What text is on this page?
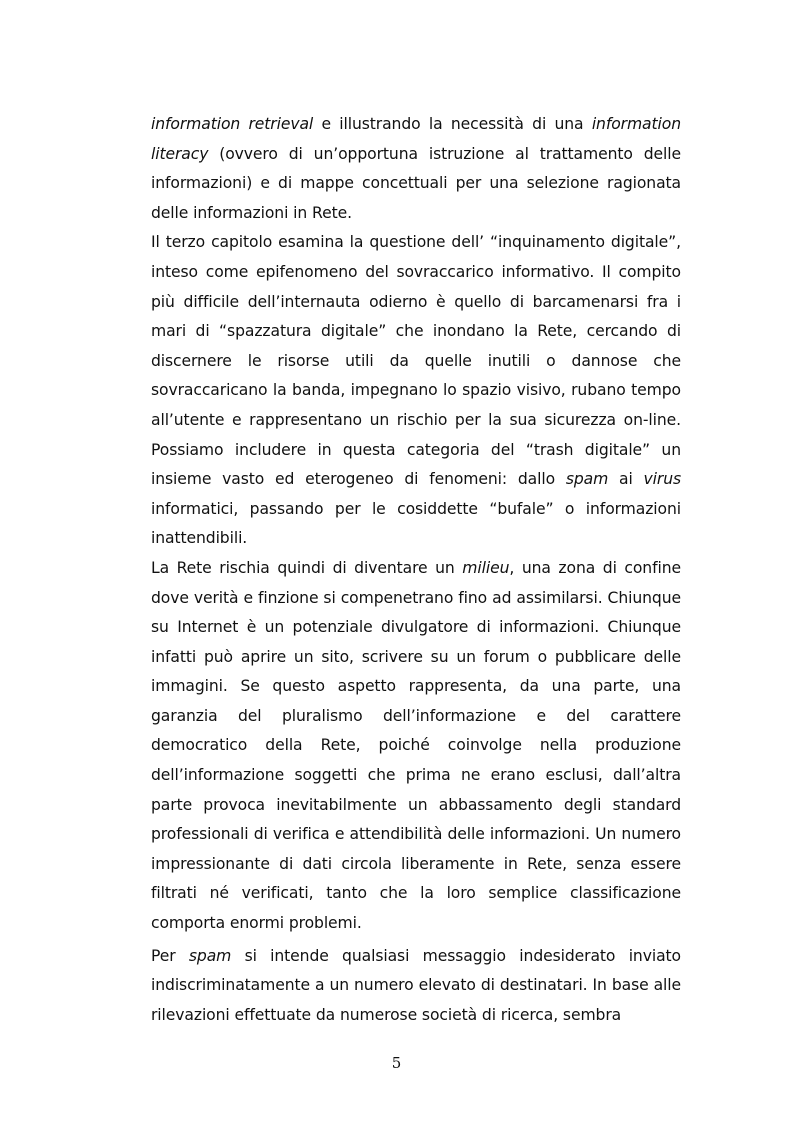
information retrieval e illustrando la necessità di una information literacy (ovvero di un’opportuna istruzione al trattamento delle informazioni) e di mappe concettuali per una selezione ragionata delle informazioni in Rete.

Il terzo capitolo esamina la questione dell’ “inquinamento digitale”, inteso come epifenomeno del sovraccarico informativo. Il compito più difficile dell’internauta odierno è quello di barcamenarsi fra i mari di “spazzatura digitale” che inondano la Rete, cercando di discernere le risorse utili da quelle inutili o dannose che sovraccaricano la banda, impegnano lo spazio visivo, rubano tempo all’utente e rappresentano un rischio per la sua sicurezza on-line. Possiamo includere in questa categoria del “trash digitale” un insieme vasto ed eterogeneo di fenomeni: dallo spam ai virus informatici, passando per le cosiddette “bufale” o informazioni inattendibili.

La Rete rischia quindi di diventare un milieu, una zona di confine dove verità e finzione si compenetrano fino ad assimilarsi. Chiunque su Internet è un potenziale divulgatore di informazioni. Chiunque infatti può aprire un sito, scrivere su un forum o pubblicare delle immagini. Se questo aspetto rappresenta, da una parte, una garanzia del pluralismo dell’informazione e del carattere democratico della Rete, poiché coinvolge nella produzione dell’informazione soggetti che prima ne erano esclusi, dall’altra parte provoca inevitabilmente un abbassamento degli standard professionali di verifica e attendibilità delle informazioni. Un numero impressionante di dati circola liberamente in Rete, senza essere filtrati né verificati, tanto che la loro semplice classificazione comporta enormi problemi.

Per spam si intende qualsiasi messaggio indesiderato inviato indiscriminatamente a un numero elevato di destinatari. In base alle rilevazioni effettuate da numerose società di ricerca, sembra

5
